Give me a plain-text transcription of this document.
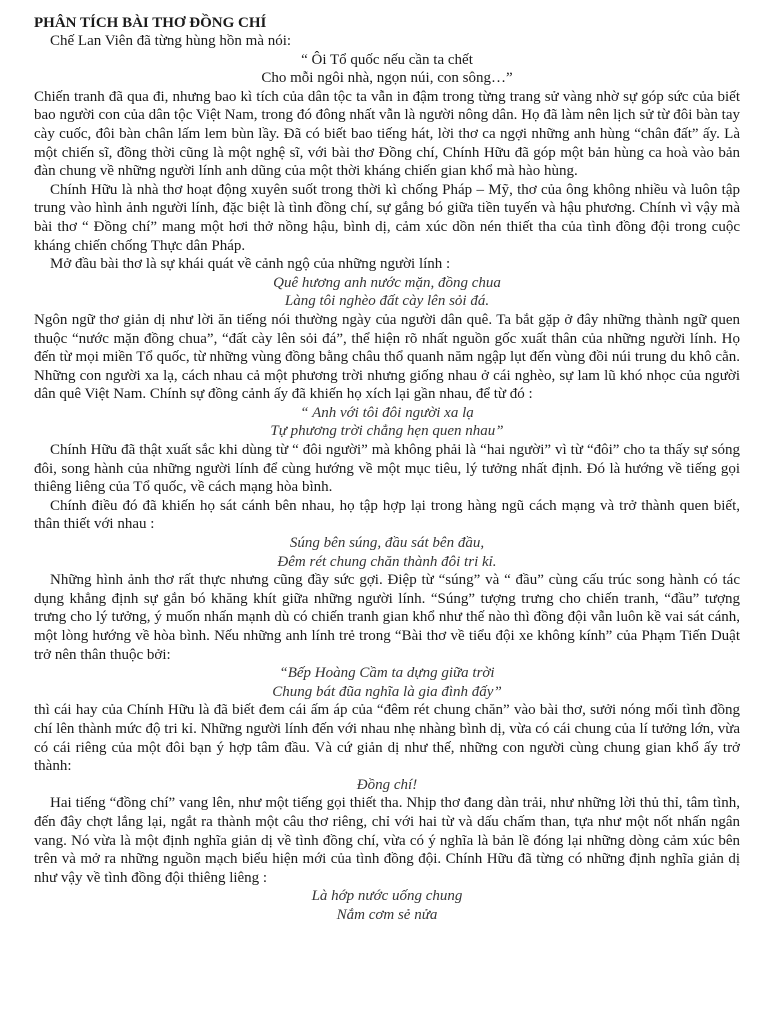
PHÂN TÍCH BÀI THƠ ĐỒNG CHÍ

Chế Lan Viên đã từng hùng hồn mà nói:

“ Ôi Tổ quốc nếu cần ta chết

Cho mỗi ngôi nhà, ngọn núi, con sông…”

Chiến tranh đã qua đi, nhưng bao kì tích của dân tộc ta vẫn in đậm trong từng trang sử vàng nhờ sự góp sức của biết bao người con của dân tộc Việt Nam, trong đó đông nhất vẫn là người nông dân. Họ đã làm nên lịch sử từ đôi bàn tay cày cuốc, đôi bàn chân lấm lem bùn lầy. Đã có biết bao tiếng hát, lời thơ ca ngợi những anh hùng “chân đất” ấy. Là một chiến sĩ, đồng thời cũng là một nghệ sĩ, với bài thơ Đồng chí, Chính Hữu đã góp một bản hùng ca hoà vào bản đàn chung về những người lính anh dũng của một thời kháng chiến gian khổ mà hào hùng.

Chính Hữu là nhà thơ hoạt động xuyên suốt trong thời kì chống Pháp – Mỹ, thơ của ông không nhiều và luôn tập trung vào hình ảnh người lính, đặc biệt là tình đồng chí, sự gắng bó giữa tiền tuyến và hậu phương. Chính vì vậy mà bài thơ “ Đồng chí” mang một hơi thở nồng hậu, bình dị, cảm xúc dồn nén thiết tha của tình đồng đội trong cuộc kháng chiến chống Thực dân Pháp.

Mở đầu bài thơ là sự khái quát về cảnh ngộ của những người lính :

Quê hương anh nước mặn, đồng chua

Làng tôi nghèo đất cày lên sỏi đá.

Ngôn ngữ thơ giản dị như lời ăn tiếng nói thường ngày của người dân quê. Ta bắt gặp ở đây những thành ngữ quen thuộc “nước mặn đồng chua”, “đất cày lên sỏi đá”, thể hiện rõ nhất nguồn gốc xuất thân của những người lính. Họ đến từ mọi miền Tổ quốc, từ những vùng đồng bằng châu thổ quanh năm ngập lụt đến vùng đồi núi trung du khô cằn. Những con người xa lạ, cách nhau cả một phương trời nhưng giống nhau ở cái nghèo, sự lam lũ khó nhọc của người dân quê Việt Nam. Chính sự đồng cảnh ấy đã khiến họ xích lại gần nhau, để từ đó :

“ Anh với tôi đôi người xa lạ

Tự phương trời chẳng hẹn quen nhau”

Chính Hữu đã thật xuất sắc khi dùng từ “ đôi người” mà không phải là “hai người” vì từ “đôi” cho ta thấy sự sóng đôi, song hành của những người lính để cùng hướng về một mục tiêu, lý tưởng nhất định. Đó là hướng về tiếng gọi thiêng liêng của Tổ quốc, về cách mạng hòa bình.

Chính điều đó đã khiến họ sát cánh bên nhau, họ tập hợp lại trong hàng ngũ cách mạng và trở thành quen biết, thân thiết với nhau :

Súng bên súng, đầu sát bên đầu,

Đêm rét chung chăn thành đôi tri kỉ.

Những hình ảnh thơ rất thực nhưng cũng đầy sức gợi. Điệp từ “súng” và “ đầu” cùng cấu trúc song hành có tác dụng khẳng định sự gắn bó khăng khít giữa những người lính. “Súng” tượng trưng cho chiến tranh, “đầu” tượng trưng cho lý tưởng, ý muốn nhấn mạnh dù có chiến tranh gian khổ như thế nào thì đồng đội vẫn luôn kề vai sát cánh, một lòng hướng về hòa bình. Nếu những anh lính trẻ trong “Bài thơ về tiểu đội xe không kính” của Phạm Tiến Duật trở nên thân thuộc bởi:

“Bếp Hoàng Cầm ta dựng giữa trời

Chung bát đũa nghĩa là gia đình đấy”

thì cái hay của Chính Hữu là đã biết đem cái ấm áp của “đêm rét chung chăn” vào bài thơ, sưởi nóng mối tình đồng chí lên thành mức độ tri kỉ. Những người lính đến với nhau nhẹ nhàng bình dị, vừa có cái chung của lí tưởng lớn, vừa có cái riêng của một đôi bạn ý hợp tâm đầu. Và cứ giản dị như thế, những con người cùng chung gian khổ ấy trở thành:

Đồng chí!

Hai tiếng “đồng chí” vang lên, như một tiếng gọi thiết tha. Nhịp thơ đang dàn trải, như những lời thủ thỉ, tâm tình, đến đây chợt lắng lại, ngắt ra thành một câu thơ riêng, chỉ với hai từ và dấu chấm than, tựa như một nốt nhấn ngân vang. Nó vừa là một định nghĩa giản dị về tình đồng chí, vừa có ý nghĩa là bản lề đóng lại những dòng cảm xúc bên trên và mở ra những nguồn mạch biểu hiện mới của tình đồng đội. Chính Hữu đã từng có những định nghĩa giản dị như vậy về tình đồng đội thiêng liêng :

Là hớp nước uống chung

Nắm cơm sẻ nửa
